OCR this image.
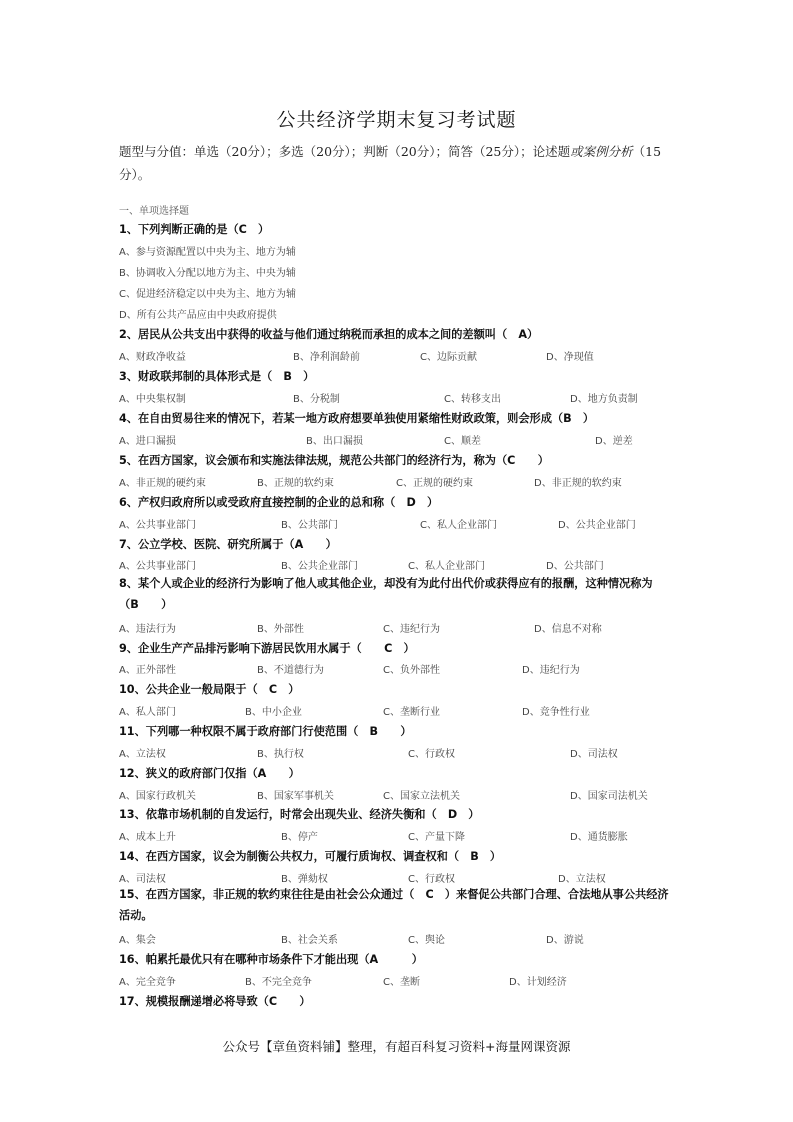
公共经济学期末复习考试题
题型与分值：单选（20分）；多选（20分）；判断（20分）；简答（25分）；论述题或案例分析（15分）。
一、单项选择题
1、下列判断正确的是（C　）
A、参与资源配置以中央为主、地方为辅
B、协调收入分配以地方为主、中央为辅
C、促进经济稳定以中央为主、地方为辅
D、所有公共产品应由中央政府提供
2、居民从公共支出中获得的收益与他们通过纳税而承担的成本之间的差额叫（　A）
A、财政净收益	B、净利润龄前	C、边际贡献	D、净现值
3、财政联邦制的具体形式是（　B　）
A、中央集权制	B、分税制	C、转移支出	D、地方负责制
4、在自由贸易往来的情况下，若某一地方政府想要单独使用紧缩性财政政策，则会形成（B　）
A、进口漏损	B、出口漏损	C、顺差	D、逆差
5、在西方国家，议会颁布和实施法律法规，规范公共部门的经济行为，称为（C　　）
A、非正规的硬约束	B、正规的软约束	C、正规的硬约束	D、非正规的软约束
6、产权归政府所以或受政府直接控制的企业的总和称（　D　）
A、公共事业部门	B、公共部门	C、私人企业部门	D、公共企业部门
7、公立学校、医院、研究所属于（A　　）
A、公共事业部门	B、公共企业部门	C、私人企业部门	D、公共部门
8、某个人或企业的经济行为影响了他人或其他企业，却没有为此付出代价或获得应有的报酬，这种情况称为（B　　）
A、违法行为	B、外部性	C、违纪行为	D、信息不对称
9、企业生产产品排污影响下游居民饮用水属于（　　C　）
A、正外部性	B、不道德行为	C、负外部性	D、违纪行为
10、公共企业一般局限于（　C　）
A、私人部门	B、中小企业	C、垄断行业	D、竞争性行业
11、下列哪一种权限不属于政府部门行使范围（　B　　）
A、立法权	B、执行权	C、行政权	D、司法权
12、狭义的政府部门仅指（A　　）
A、国家行政机关	B、国家军事机关	C、国家立法机关	D、国家司法机关
13、依靠市场机制的自发运行，时常会出现失业、经济失衡和（　D　）
A、成本上升	B、停产	C、产量下降	D、通货膨胀
14、在西方国家，议会为制衡公共权力，可履行质询权、调查权和（　B　）
A、司法权	B、弹劾权	C、行政权	D、立法权
15、在西方国家，非正规的软约束往往是由社会公众通过（　C　）来督促公共部门合理、合法地从事公共经济活动。
A、集会	B、社会关系	C、舆论	D、游说
16、帕累托最优只有在哪种市场条件下才能出现（A　　　）
A、完全竞争	B、不完全竞争	C、垄断	D、计划经济
17、规模报酬递增必将导致（C　　）
公众号【章鱼资料铺】整理，有超百科复习资料+海量网课资源
